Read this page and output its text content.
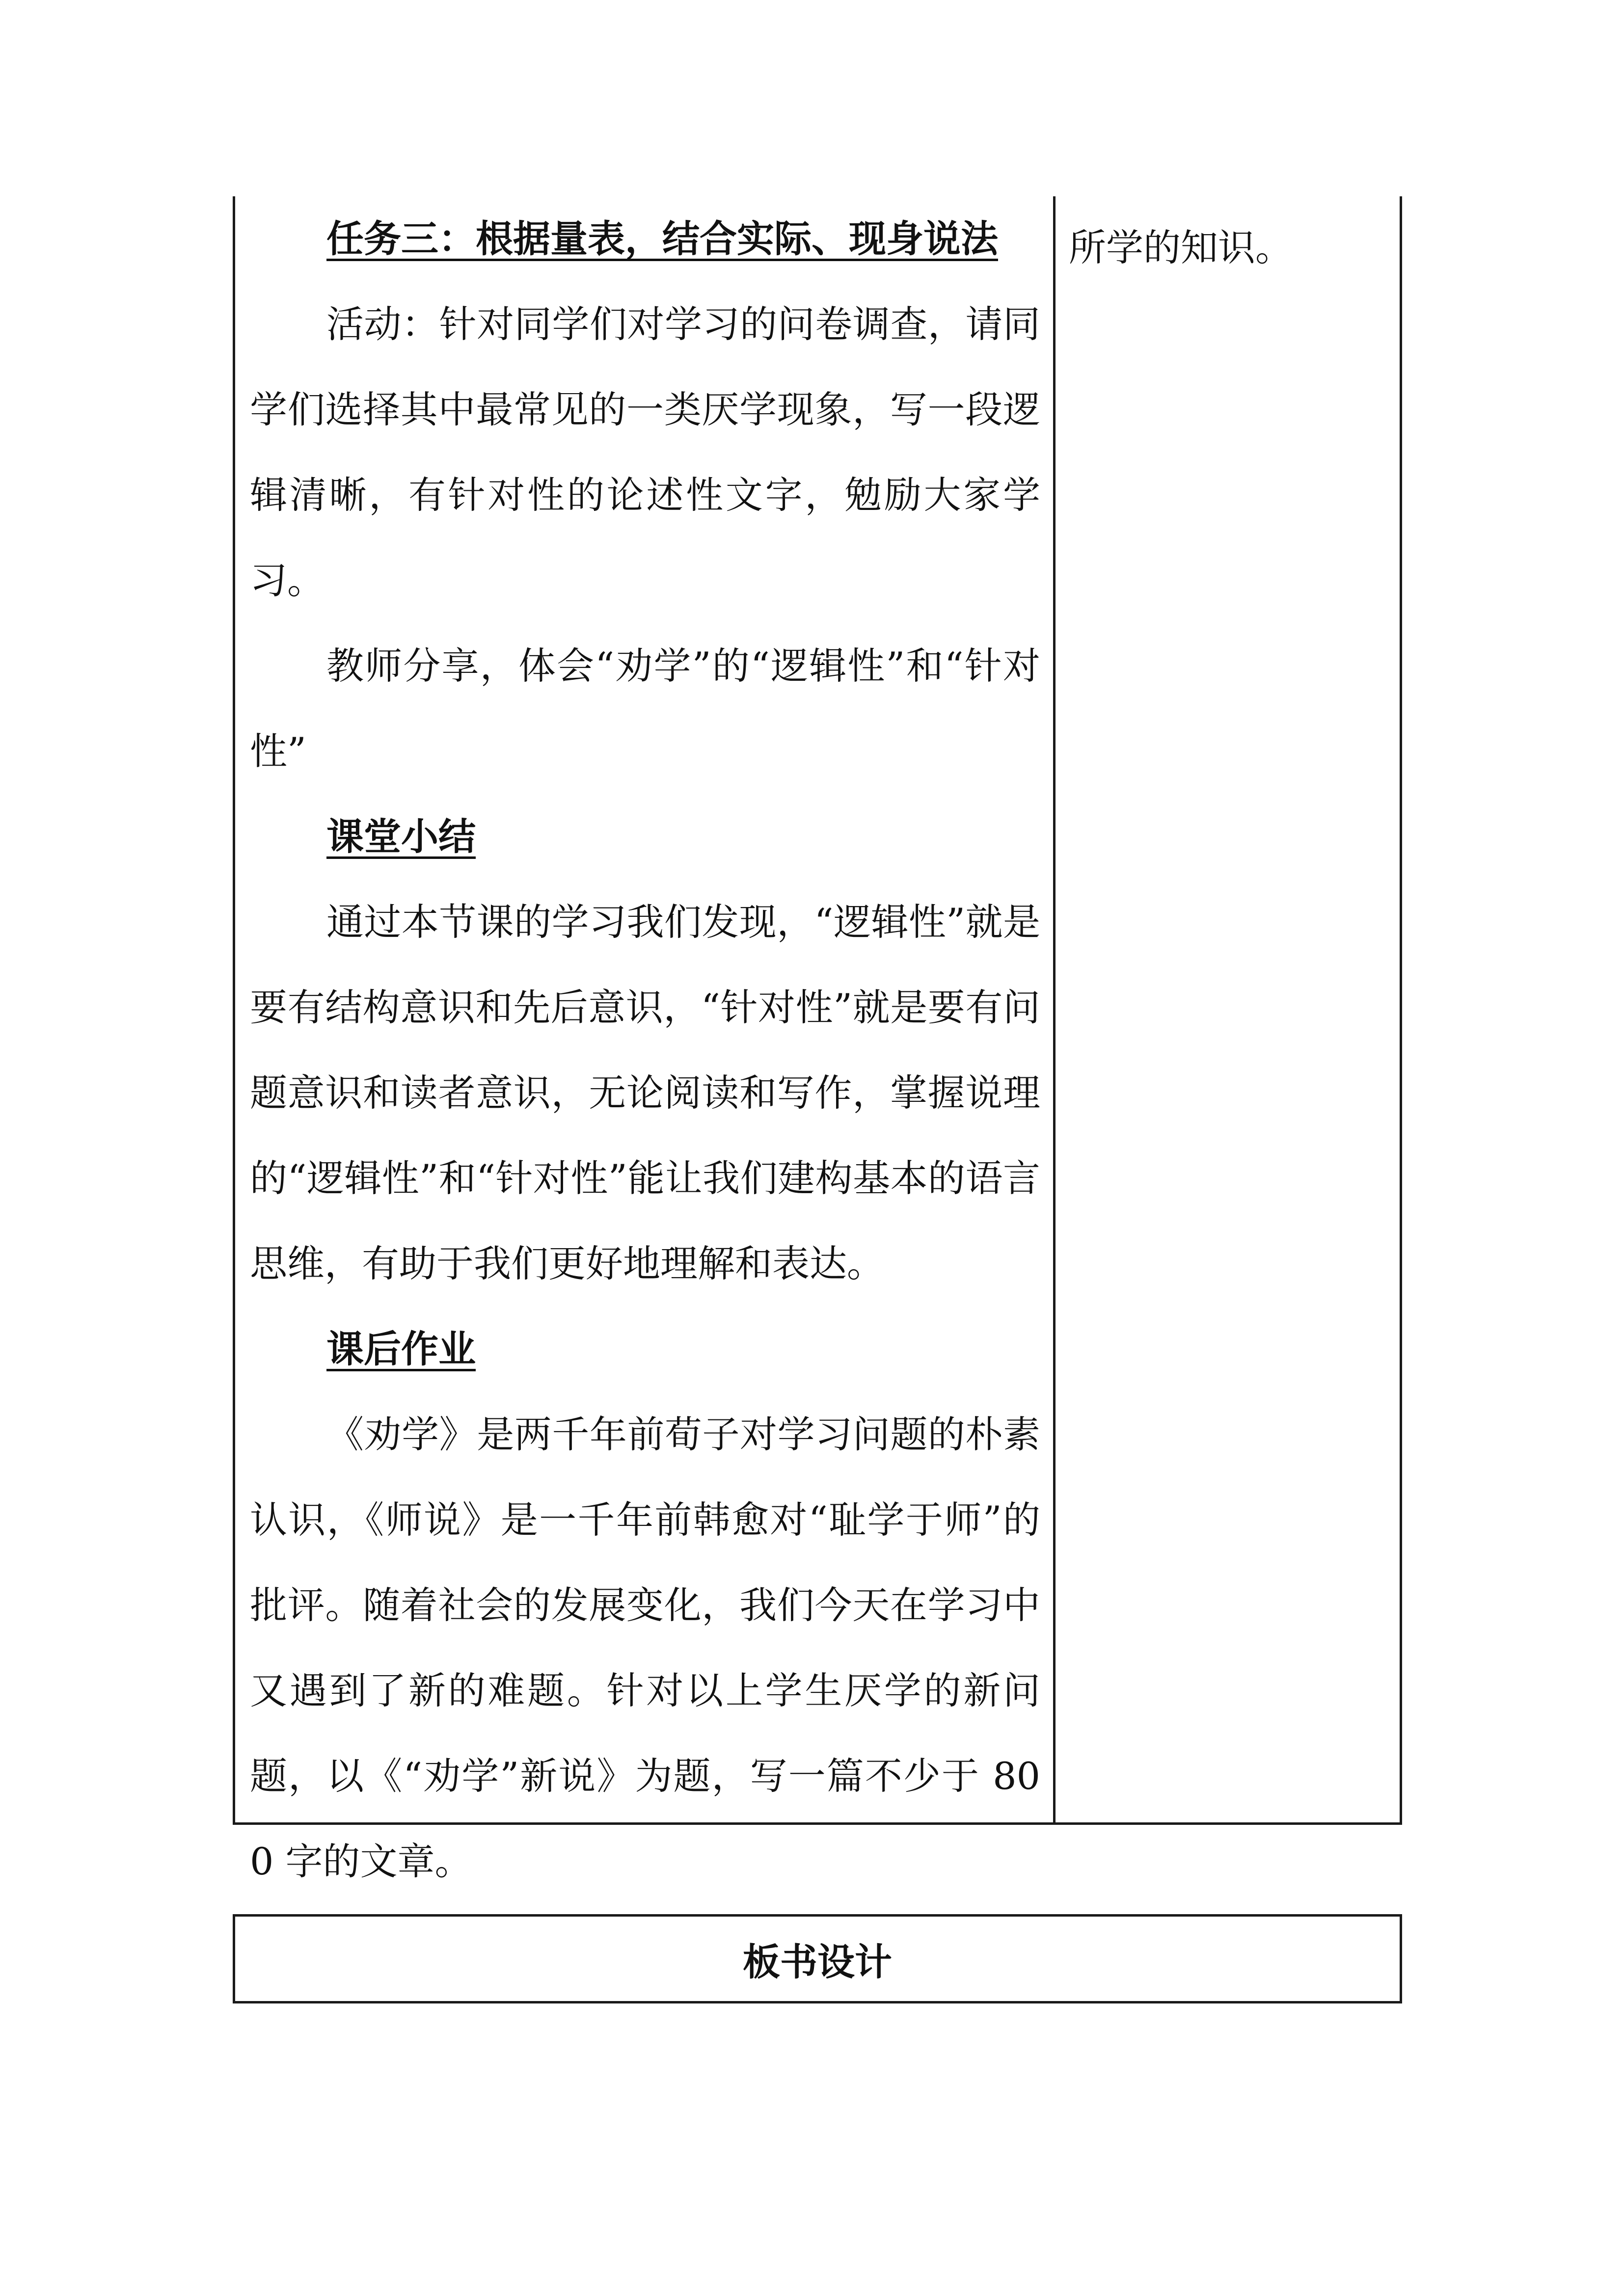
任务三：根据量表，结合实际、现身说法

活动：针对同学们对学习的问卷调查，请同学们选择其中最常见的一类厌学现象，写一段逻辑清晰，有针对性的论述性文字，勉励大家学习。

教师分享，体会“劝学”的“逻辑性”和“针对性”

课堂小结

通过本节课的学习我们发现，“逻辑性”就是要有结构意识和先后意识，“针对性”就是要有问题意识和读者意识，无论阅读和写作，掌握说理的“逻辑性”和“针对性”能让我们建构基本的语言思维，有助于我们更好地理解和表达。

课后作业

《劝学》是两千年前荀子对学习问题的朴素认识，《师说》是一千年前韩愈对“耻学于师”的批评。随着社会的发展变化，我们今天在学习中又遇到了新的难题。针对以上学生厌学的新问题，以《“劝学”新说》为题，写一篇不少于 800 字的文章。

所学的知识。

板书设计
